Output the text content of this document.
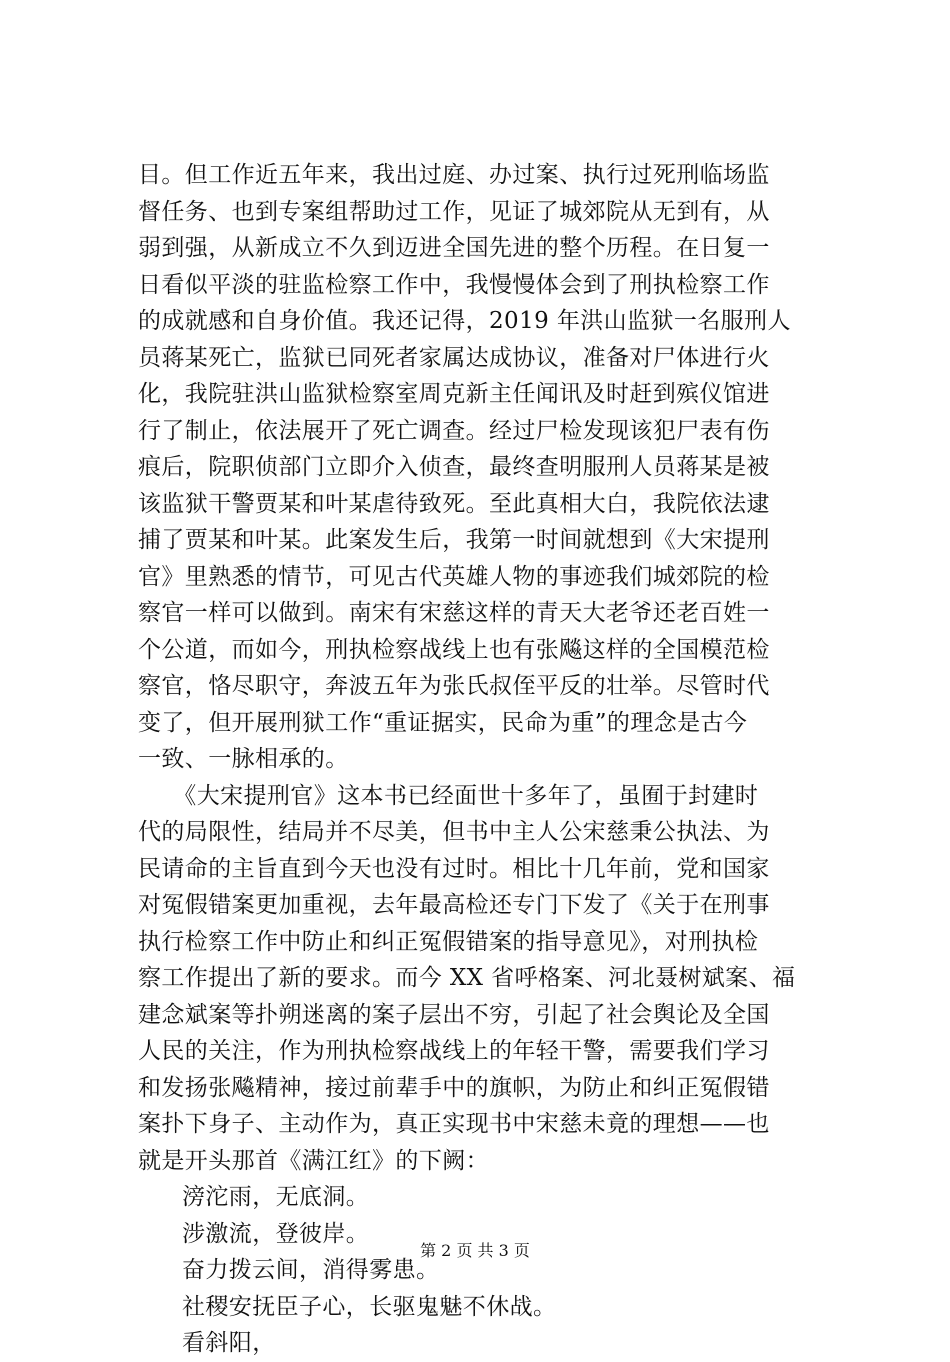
目。但工作近五年来，我出过庭、办过案、执行过死刑临场监
督任务、也到专案组帮助过工作，见证了城郊院从无到有，从
弱到强，从新成立不久到迈进全国先进的整个历程。在日复一
日看似平淡的驻监检察工作中，我慢慢体会到了刑执检察工作
的成就感和自身价值。我还记得，2019 年洪山监狱一名服刑人
员蒋某死亡，监狱已同死者家属达成协议，准备对尸体进行火
化，我院驻洪山监狱检察室周克新主任闻讯及时赶到殡仪馆进
行了制止，依法展开了死亡调查。经过尸检发现该犯尸表有伤
痕后，院职侦部门立即介入侦查，最终查明服刑人员蒋某是被
该监狱干警贾某和叶某虐待致死。至此真相大白，我院依法逮
捕了贾某和叶某。此案发生后，我第一时间就想到《大宋提刑
官》里熟悉的情节，可见古代英雄人物的事迹我们城郊院的检
察官一样可以做到。南宋有宋慈这样的青天大老爷还老百姓一
个公道，而如今，刑执检察战线上也有张飚这样的全国模范检
察官，恪尽职守，奔波五年为张氏叔侄平反的壮举。尽管时代
变了，但开展刑狱工作“重证据实，民命为重”的理念是古今
一致、一脉相承的。
　　《大宋提刑官》这本书已经面世十多年了，虽囿于封建时
代的局限性，结局并不尽美，但书中主人公宋慈秉公执法、为
民请命的主旨直到今天也没有过时。相比十几年前，党和国家
对冤假错案更加重视，去年最高检还专门下发了《关于在刑事
执行检察工作中防止和纠正冤假错案的指导意见》，对刑执检
察工作提出了新的要求。而今 XX 省呼格案、河北聂树斌案、福
建念斌案等扑朔迷离的案子层出不穷，引起了社会舆论及全国
人民的关注，作为刑执检察战线上的年轻干警，需要我们学习
和发扬张飚精神，接过前辈手中的旗帜，为防止和纠正冤假错
案扑下身子、主动作为，真正实现书中宋慈未竟的理想——也
就是开头那首《满江红》的下阙：
滂沱雨，无底洞。
涉激流，登彼岸。
奋力拨云间，消得雾患。
社稷安抚臣子心，长驱鬼魅不休战。
看斜阳，
第 2 页 共 3 页
